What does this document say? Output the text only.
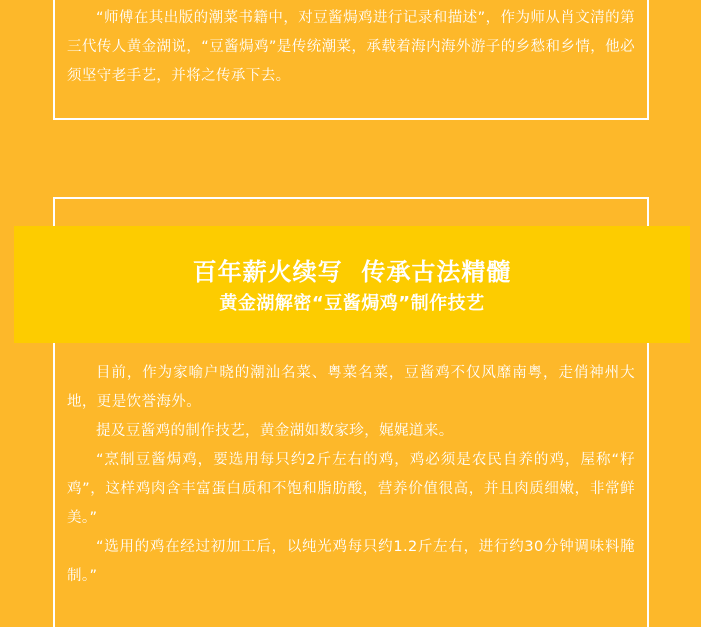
“师傅在其出版的潮菜书籍中，对豆酱焗鸡进行记录和描述”，作为师从肖文清的第三代传人黄金湖说，“豆酱焗鸡”是传统潮菜，承载着海内海外游子的乡愁和乡情，他必须坚守老手艺，并将之传承下去。

百年薪火续写  传承古法精髓
黄金湖解密“豆酱焗鸡”制作技艺

目前，作为家喻户晓的潮汕名菜、粤菜名菜，豆酱鸡不仅风靡南粤，走俏神州大地，更是饮誉海外。

提及豆酱鸡的制作技艺，黄金湖如数家珍，娓娓道来。

“烹制豆酱焗鸡，要选用每只约2斤左右的鸡，鸡必须是农民自养的鸡，屋称“籽鸡”，这样鸡肉含丰富蛋白质和不饱和脂肪酸，营养价值很高，并且肉质细嫩，非常鲜美。”

“选用的鸡在经过初加工后，以纯光鸡每只约1.2斤左右，进行约30分钟调味料腌制。”
